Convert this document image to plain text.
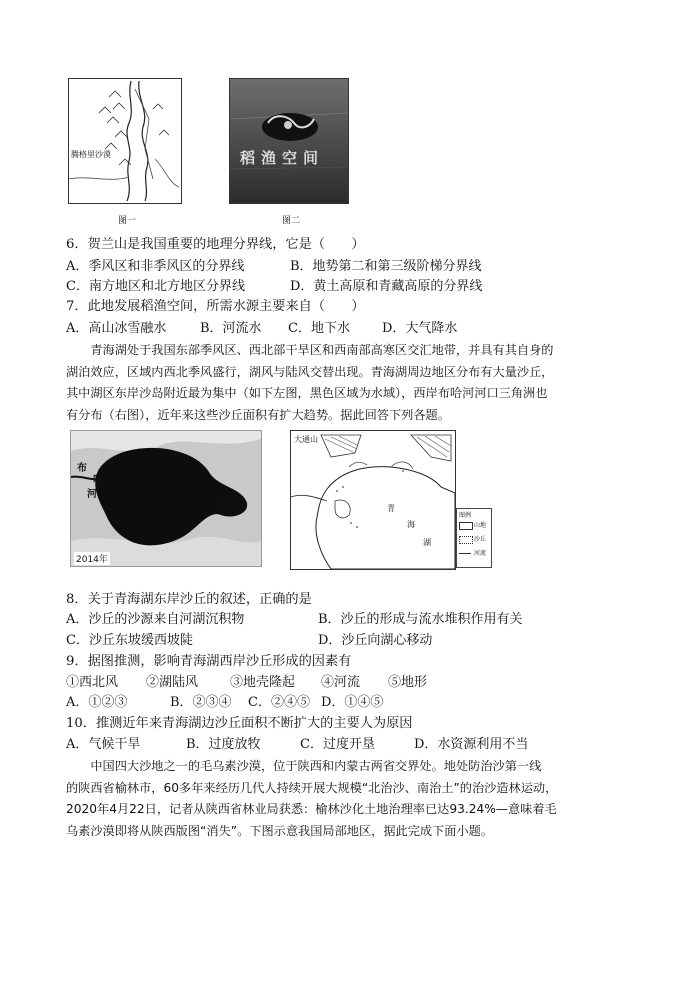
腾格里沙漠
图一
稻渔空间
图二
6．贺兰山是我国重要的地理分界线，它是（　　）
A．季风区和非季风区的分界线	B．地势第二和第三级阶梯分界线
C．南方地区和北方地区分界线	D．黄土高原和青藏高原的分界线
7．此地发展稻渔空间，所需水源主要来自（　　）
A．高山冰雪融水	B．河流水 C．地下水 D．大气降水
　　青海湖处于我国东部季风区、西北部干旱区和西南部高寒区交汇地带，并具有其自身的
湖泊效应，区域内西北季风盛行，湖风与陆风交替出现。青海湖周边地区分布有大量沙丘，
其中湖区东岸沙岛附近最为集中（如下左图，黑色区域为水域），西岸布哈河河口三角洲也
有分布（右图），近年来这些沙丘面积有扩大趋势。据此回答下列各题。
布
哈
河
沙岛
2014年
大通山
青
海
湖
图例
山地
沙丘
河流
8．关于青海湖东岸沙丘的叙述，正确的是
A．沙丘的沙源来自河湖沉积物	B．沙丘的形成与流水堆积作用有关
C．沙丘东坡缓西坡陡	D．沙丘向湖心移动
9．据图推测，影响青海湖西岸沙丘形成的因素有
①西北风 ②湖陆风 ③地壳隆起 ④河流 ⑤地形
A．①②③	B．②③④ C．②④⑤ D．①④⑤
10．推测近年来青海湖边沙丘面积不断扩大的主要人为原因
A．气候干旱	B．过度放牧	C．过度开垦	D．水资源利用不当
　　中国四大沙地之一的毛乌素沙漠，位于陕西和内蒙古两省交界处。地处防治沙第一线
的陕西省榆林市，60多年来经历几代人持续开展大规模“北治沙、南治土”的治沙造林运动，
2020年4月22日，记者从陕西省林业局获悉：榆林沙化土地治理率已达93.24%—意味着毛
乌素沙漠即将从陕西版图“消失”。下图示意我国局部地区，据此完成下面小题。
